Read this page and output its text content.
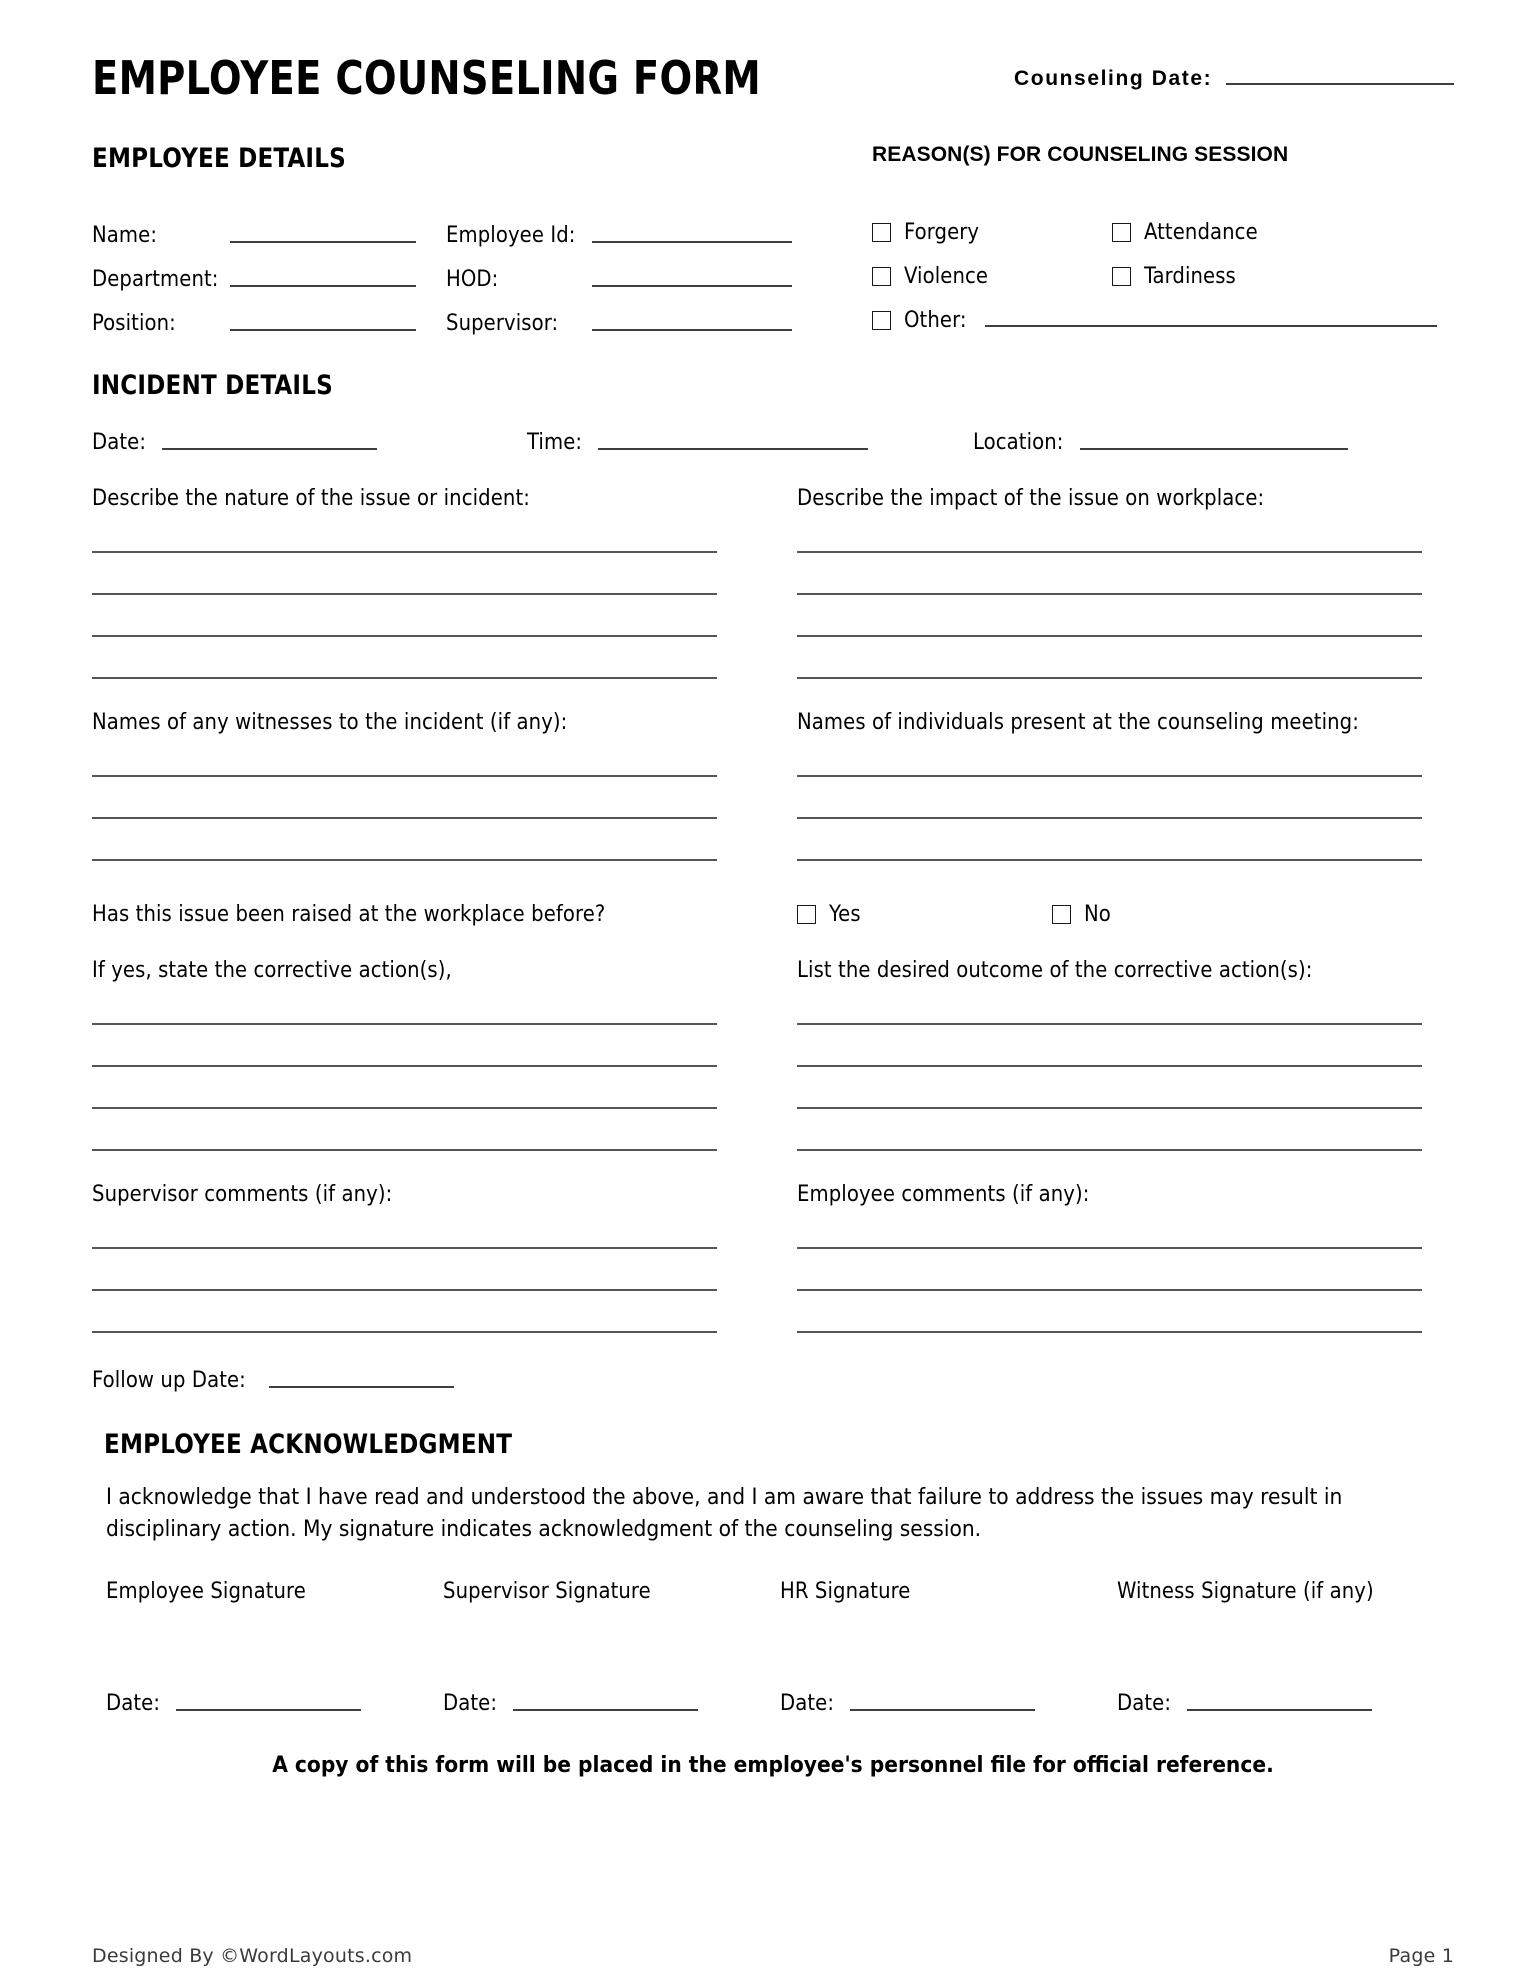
EMPLOYEE COUNSELING FORM	Counseling Date:
EMPLOYEE DETAILS
Name:	Employee Id:
Department:	HOD:
Position:	Supervisor:
REASON(S) FOR COUNSELING SESSION
Forgery	Attendance
Violence	Tardiness
Other:
INCIDENT DETAILS
Date:	Time:	Location:
Describe the nature of the issue or incident:	Describe the impact of the issue on workplace:
Names of any witnesses to the incident (if any):	Names of individuals present at the counseling meeting:
Has this issue been raised at the workplace before?	Yes	No
If yes, state the corrective action(s),	List the desired outcome of the corrective action(s):
Supervisor comments (if any):	Employee comments (if any):
Follow up Date:
EMPLOYEE ACKNOWLEDGMENT
I acknowledge that I have read and understood the above, and I am aware that failure to address the issues may result in disciplinary action. My signature indicates acknowledgment of the counseling session.
Employee Signature	Supervisor Signature	HR Signature	Witness Signature (if any)
Date:	Date:	Date:	Date:
A copy of this form will be placed in the employee's personnel file for official reference.
Designed By ©WordLayouts.com	Page 1
